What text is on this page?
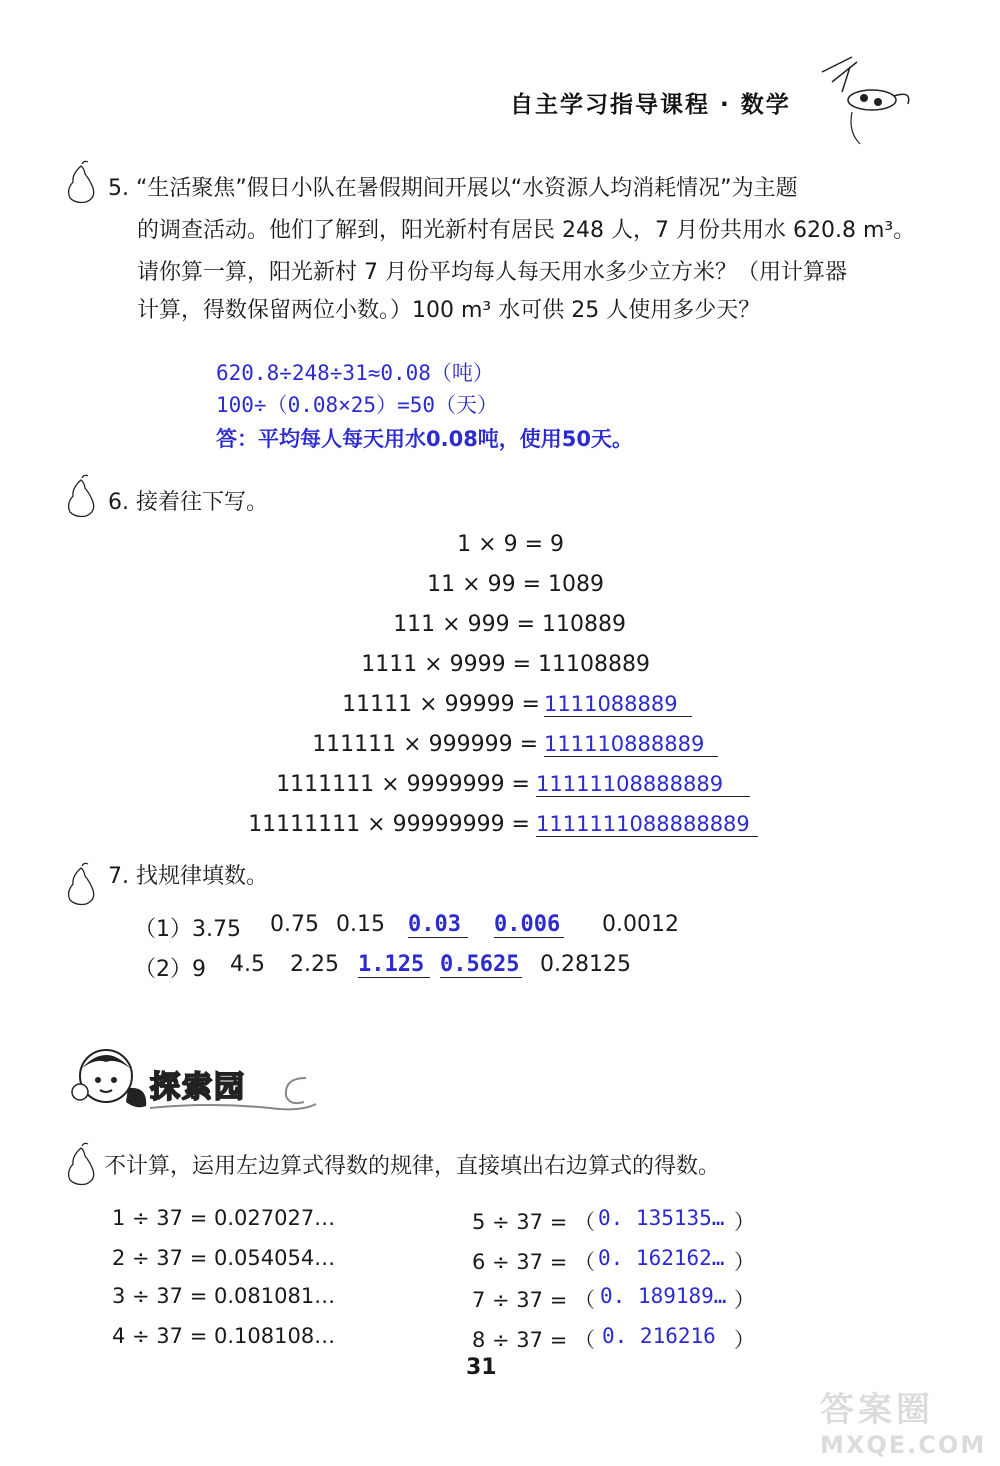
自主学习指导课程 · 数学
5. “生活聚焦”假日小队在暑假期间开展以“水资源人均消耗情况”为主题
的调查活动。他们了解到，阳光新村有居民 248 人，7 月份共用水 620.8 m³。
请你算一算，阳光新村 7 月份平均每人每天用水多少立方米？（用计算器
计算，得数保留两位小数。）100 m³ 水可供 25 人使用多少天？
620.8÷248÷31≈0.08（吨）
100÷（0.08×25）=50（天）
答：平均每人每天用水0.08吨，使用50天。
6. 接着往下写。
1 × 9 = 9
11 × 99 = 1089
111 × 999 = 110889
1111 × 9999 = 11108889
11111 × 99999 =
111111 × 999999 =
1111111 × 9999999 =
11111111 × 99999999 =
1111088889
111110888889
11111108888889
1111111088888889
7. 找规律填数。
（1）3.75 0.75 0.15 0.03	0.006 0.0012
（2）9 4.5 2.25 1.125 0.5625 0.28125
探索园
不计算，运用左边算式得数的规律，直接填出右边算式的得数。
1 ÷ 37 = 0.027027…
2 ÷ 37 = 0.054054…
3 ÷ 37 = 0.081081…
4 ÷ 37 = 0.108108…
5 ÷ 37 = （ 0. 135135… ）
6 ÷ 37 = （ 0. 162162… ）
7 ÷ 37 = （ 0. 189189… ）
8 ÷ 37 = （ 0. 216216 ）
31
答案圈
MXQE.COM
